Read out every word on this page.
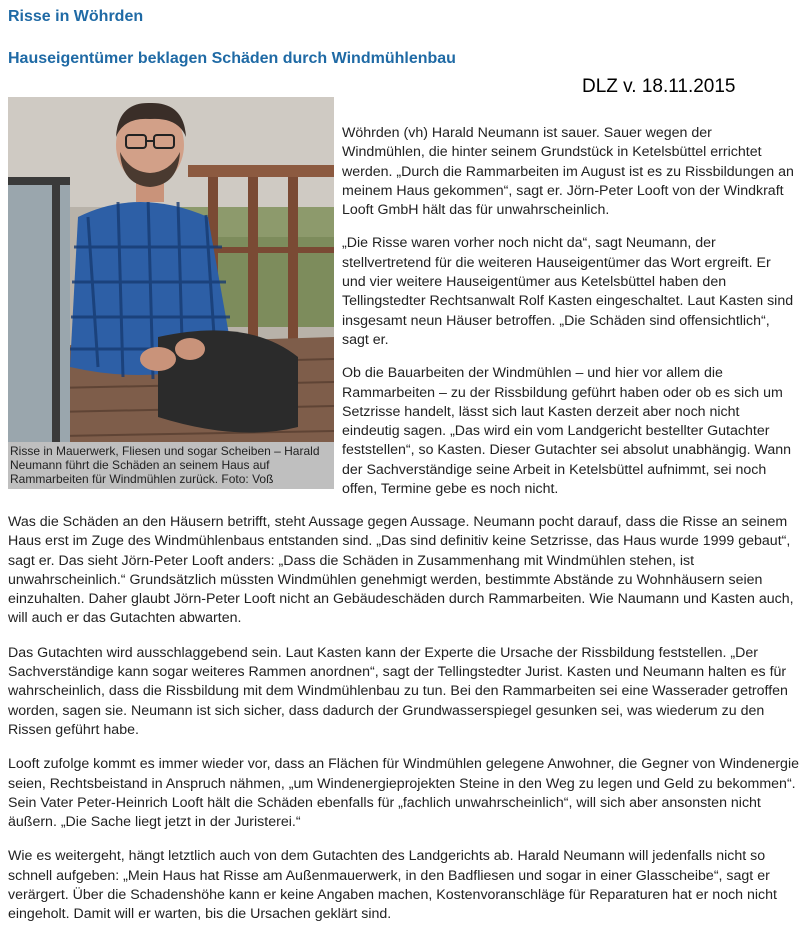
Risse in Wöhrden
Hauseigentümer beklagen Schäden durch Windmühlenbau
DLZ v. 18.11.2015
Risse in Mauerwerk, Fliesen und sogar Scheiben – Harald Neumann führt die Schäden an seinem Haus auf Rammarbeiten für Windmühlen zurück. Foto: Voß

Wöhrden (vh) Harald Neumann ist sauer. Sauer wegen der Windmühlen, die hinter seinem Grundstück in Ketelsbüttel errichtet werden. „Durch die Rammarbeiten im August ist es zu Rissbildungen an meinem Haus gekommen“, sagt er. Jörn-Peter Looft von der Windkraft Looft GmbH hält das für unwahrscheinlich.

„Die Risse waren vorher noch nicht da“, sagt Neumann, der stellvertretend für die weiteren Hauseigentümer das Wort ergreift. Er und vier weitere Hauseigentümer aus Ketelsbüttel haben den Tellingstedter Rechtsanwalt Rolf Kasten eingeschaltet. Laut Kasten sind insgesamt neun Häuser betroffen. „Die Schäden sind offensichtlich“, sagt er.

Ob die Bauarbeiten der Windmühlen – und hier vor allem die Rammarbeiten – zu der Rissbildung geführt haben oder ob es sich um Setzrisse handelt, lässt sich laut Kasten derzeit aber noch nicht eindeutig sagen. „Das wird ein vom Landgericht bestellter Gutachter feststellen“, so Kasten. Dieser Gutachter sei absolut unabhängig. Wann der Sachverständige seine Arbeit in Ketelsbüttel aufnimmt, sei noch offen, Termine gebe es noch nicht.

Was die Schäden an den Häusern betrifft, steht Aussage gegen Aussage. Neumann pocht darauf, dass die Risse an seinem Haus erst im Zuge des Windmühlenbaus entstanden sind. „Das sind definitiv keine Setzrisse, das Haus wurde 1999 gebaut“, sagt er. Das sieht Jörn-Peter Looft anders: „Dass die Schäden in Zusammenhang mit Windmühlen stehen, ist unwahrscheinlich.“ Grundsätzlich müssten Windmühlen genehmigt werden, bestimmte Abstände zu Wohnhäusern seien einzuhalten. Daher glaubt Jörn-Peter Looft nicht an Gebäudeschäden durch Rammarbeiten. Wie Naumann und Kasten auch, will auch er das Gutachten abwarten.

Das Gutachten wird ausschlaggebend sein. Laut Kasten kann der Experte die Ursache der Rissbildung feststellen. „Der Sachverständige kann sogar weiteres Rammen anordnen“, sagt der Tellingstedter Jurist. Kasten und Neumann halten es für wahrscheinlich, dass die Rissbildung mit dem Windmühlenbau zu tun. Bei den Rammarbeiten sei eine Wasserader getroffen worden, sagen sie. Neumann ist sich sicher, dass dadurch der Grundwasserspiegel gesunken sei, was wiederum zu den Rissen geführt habe.

Looft zufolge kommt es immer wieder vor, dass an Flächen für Windmühlen gelegene Anwohner, die Gegner von Windenergie seien, Rechtsbeistand in Anspruch nähmen, „um Windenergieprojekten Steine in den Weg zu legen und Geld zu bekommen“. Sein Vater Peter-Heinrich Looft hält die Schäden ebenfalls für „fachlich unwahrscheinlich“, will sich aber ansonsten nicht äußern. „Die Sache liegt jetzt in der Juristerei.“

Wie es weitergeht, hängt letztlich auch von dem Gutachten des Landgerichts ab. Harald Neumann will jedenfalls nicht so schnell aufgeben: „Mein Haus hat Risse am Außenmauerwerk, in den Badfliesen und sogar in einer Glasscheibe“, sagt er verärgert. Über die Schadenshöhe kann er keine Angaben machen, Kostenvoranschläge für Reparaturen hat er noch nicht eingeholt. Damit will er warten, bis die Ursachen geklärt sind.
